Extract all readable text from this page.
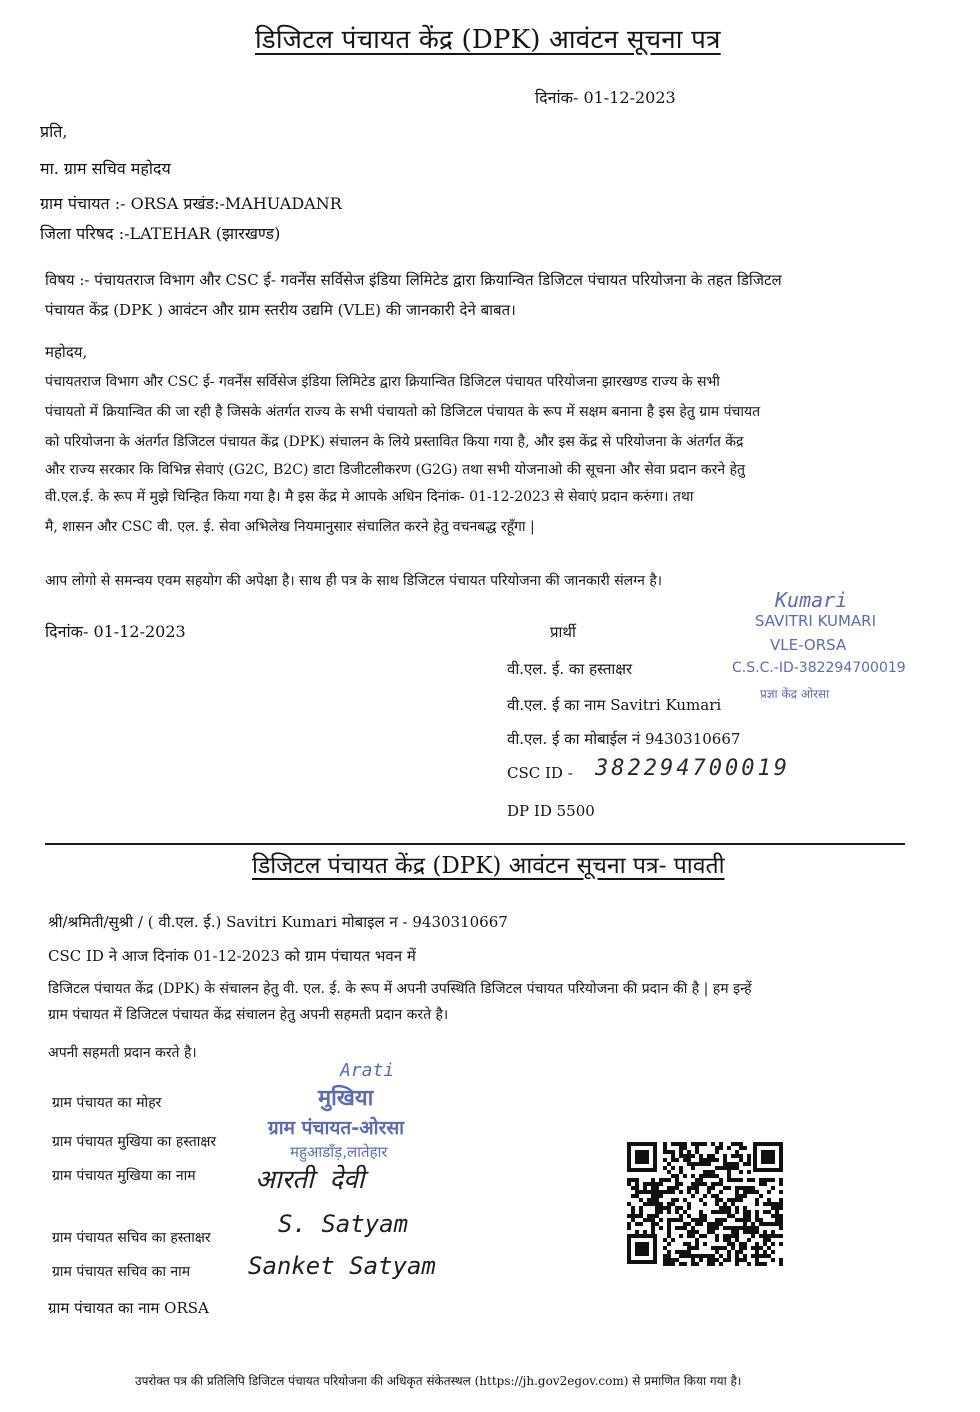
डिजिटल पंचायत केंद्र (DPK) आवंटन सूचना पत्र
दिनांक- 01-12-2023
प्रति,
मा. ग्राम सचिव महोदय
ग्राम पंचायत :- ORSA प्रखंड:-MAHUADANR
जिला परिषद :-LATEHAR (झारखण्ड)
विषय :- पंचायतराज विभाग और CSC ई- गवर्नेंस सर्विसेज इंडिया लिमिटेड द्वारा क्रियान्वित डिजिटल पंचायत परियोजना के तहत डिजिटल
पंचायत केंद्र (DPK ) आवंटन और ग्राम स्तरीय उद्यमि (VLE) की जानकारी देने बाबत।
महोदय,
पंचायतराज विभाग और CSC ई- गवर्नेंस सर्विसेज इंडिया लिमिटेड द्वारा क्रियान्वित डिजिटल पंचायत परियोजना झारखण्ड राज्य के सभी
पंचायतो में क्रियान्वित की जा रही है जिसके अंतर्गत राज्य के सभी पंचायतो को डिजिटल पंचायत के रूप में सक्षम बनाना है इस हेतु ग्राम पंचायत
को परियोजना के अंतर्गत डिजिटल पंचायत केंद्र (DPK) संचालन के लिये प्रस्तावित किया गया है, और इस केंद्र से परियोजना के अंतर्गत केंद्र
और राज्य सरकार कि विभिन्न सेवाएं (G2C, B2C) डाटा डिजीटलीकरण (G2G) तथा सभी योजनाओ की सूचना और सेवा प्रदान करने हेतु
वी.एल.ई. के रूप में मुझे चिन्हित किया गया है। मै इस केंद्र मे आपके अधिन दिनांक- 01-12-2023 से सेवाएं प्रदान करुंगा। तथा
मै, शासन और CSC वी. एल. ई. सेवा अभिलेख नियमानुसार संचालित करने हेतु वचनबद्ध रहूँगा |
आप लोगो से समन्वय एवम सहयोग की अपेक्षा है। साथ ही पत्र के साथ डिजिटल पंचायत परियोजना की जानकारी संलग्न है।
दिनांक- 01-12-2023	प्रार्थी
वी.एल. ई. का हस्ताक्षर
वी.एल. ई का नाम Savitri Kumari
वी.एल. ई का मोबाईल नं 9430310667
CSC ID - 382294700019
DP ID 5500
Kumari
SAVITRI KUMARI
VLE-ORSA
C.S.C.-ID-382294700019
प्रज्ञा केंद्र ओरसा
डिजिटल पंचायत केंद्र (DPK) आवंटन सूचना पत्र- पावती
श्री/श्रमिती/सुश्री / ( वी.एल. ई.) Savitri Kumari मोबाइल न - 9430310667
CSC ID ने आज दिनांक 01-12-2023 को ग्राम पंचायत भवन में
डिजिटल पंचायत केंद्र (DPK) के संचालन हेतु वी. एल. ई. के रूप में अपनी उपस्थिति डिजिटल पंचायत परियोजना की प्रदान की है | हम इन्हें
ग्राम पंचायत में डिजिटल पंचायत केंद्र संचालन हेतु अपनी सहमती प्रदान करते है।
अपनी सहमती प्रदान करते है।
ग्राम पंचायत का मोहर
ग्राम पंचायत मुखिया का हस्ताक्षर
ग्राम पंचायत मुखिया का नाम
ग्राम पंचायत सचिव का हस्ताक्षर
ग्राम पंचायत सचिव का नाम
ग्राम पंचायत का नाम ORSA
Arati
मुखिया
ग्राम पंचायत-ओरसा
महुआडाँड़,लातेहार
आरती देवी
S. Satyam
Sanket Satyam
उपरोक्त पत्र की प्रतिलिपि डिजिटल पंचायत परियोजना की अधिकृत संकेतस्थल (https://jh.gov2egov.com) से प्रमाणित किया गया है।
